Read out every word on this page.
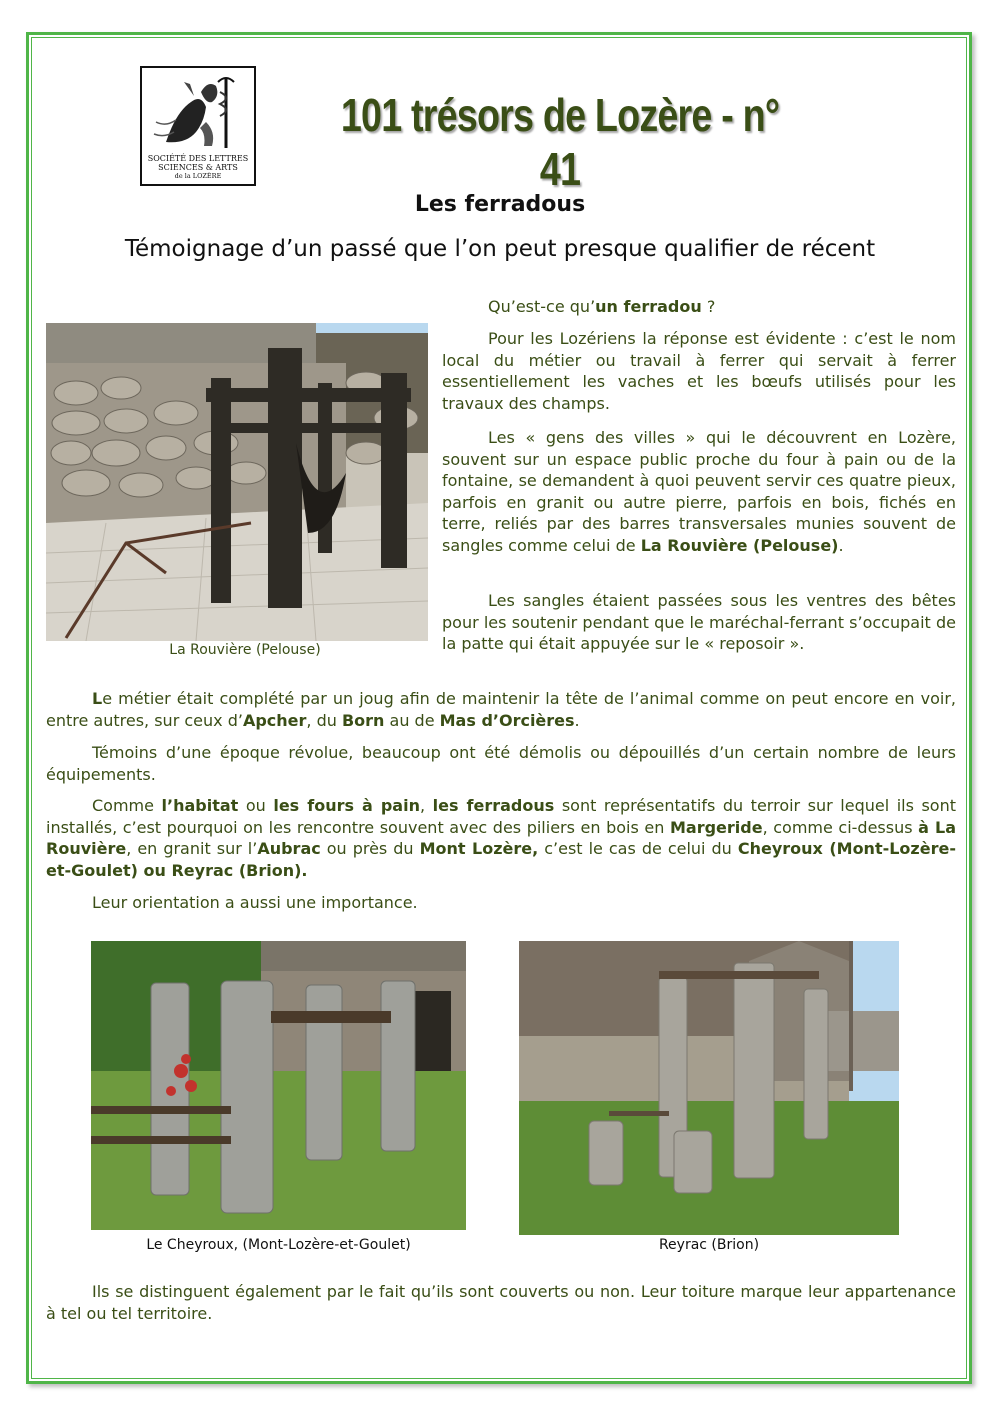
SOCIÉTÉ DES LETTRES
SCIENCES & ARTS
de la LOZÈRE
101 trésors de Lozère - n° 41
Les ferradous
Témoignage d’un passé que l’on peut presque qualifier de récent
La Rouvière (Pelouse)
Qu’est-ce qu’un ferradou ?
Pour les Lozériens la réponse est évidente : c’est le nom local du métier ou travail à ferrer qui servait à ferrer essentiellement les vaches et les bœufs utilisés pour les travaux des champs.
Les « gens des villes » qui le découvrent en Lozère, souvent sur un espace public proche du four à pain ou de la fontaine, se demandent à quoi peuvent servir ces quatre pieux, parfois en granit ou autre pierre, parfois en bois, fichés en terre, reliés par des barres transversales munies souvent de sangles comme celui de La Rouvière (Pelouse).
Les sangles étaient passées sous les ventres des bêtes pour les soutenir pendant que le maréchal-ferrant s’occupait de la patte qui était appuyée sur le « reposoir ».
Le métier était complété par un joug afin de maintenir la tête de l’animal comme on peut encore en voir, entre autres, sur ceux d’Apcher, du Born au de Mas d’Orcières.
Témoins d’une époque révolue, beaucoup ont été démolis ou dépouillés d’un certain nombre de leurs équipements.
Comme l’habitat ou les fours à pain, les ferradous sont représentatifs du terroir sur lequel ils sont installés, c’est pourquoi on les rencontre souvent avec des piliers en bois en Margeride, comme ci-dessus à La Rouvière, en granit sur l’Aubrac ou près du Mont Lozère, c’est le cas de celui du Cheyroux (Mont-Lozère-et-Goulet) ou Reyrac (Brion).
Leur orientation a aussi une importance.
Le Cheyroux, (Mont-Lozère-et-Goulet)	Reyrac (Brion)
Ils se distinguent également par le fait qu’ils sont couverts ou non. Leur toiture marque leur appartenance à tel ou tel territoire.
